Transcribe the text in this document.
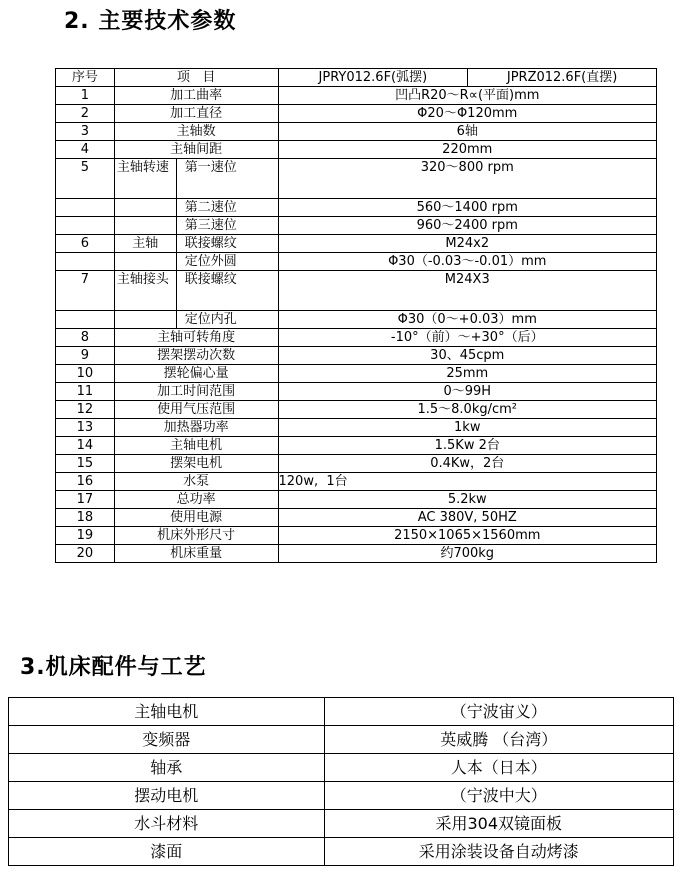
2. 主要技术参数
序号	项   目		JPRY012.6F(弧摆)	JPRZ012.6F(直摆)
1	加工曲率		凹凸R20～R∝(平面)mm	
2	加工直径		Φ20～Φ120mm	
3	主轴数		6轴	
4	主轴间距		220mm	
5	主轴转速	第一速位	320～800 rpm	
		第二速位	560～1400 rpm	
		第三速位	960～2400 rpm	
6	主轴	联接螺纹	M24x2	
		定位外圆	Φ30（-0.03～-0.01）mm	
7	主轴接头	联接螺纹	M24X3	
		定位内孔	Φ30（0～+0.03）mm	
8	主轴可转角度		-10°（前）～+30°（后）	
9	摆架摆动次数		30、45cpm	
10	摆轮偏心量		25mm	
11	加工时间范围		0～99H	
12	使用气压范围		1.5～8.0kg/cm²	
13	加热器功率		1kw	
14	主轴电机		1.5Kw 2台	
15	摆架电机		0.4Kw，2台	
16	水泵		120w,  1台	
17	总功率		5.2kw	
18	使用电源		AC 380V, 50HZ	
19	机床外形尺寸		2150×1065×1560mm	
20	机床重量		约700kg	
3.机床配件与工艺
主轴电机	（宁波宙义）
变频器	英威腾 （台湾）
轴承	人本（日本）
摆动电机	（宁波中大）
水斗材料	采用304双镜面板
漆面	采用涂装设备自动烤漆
